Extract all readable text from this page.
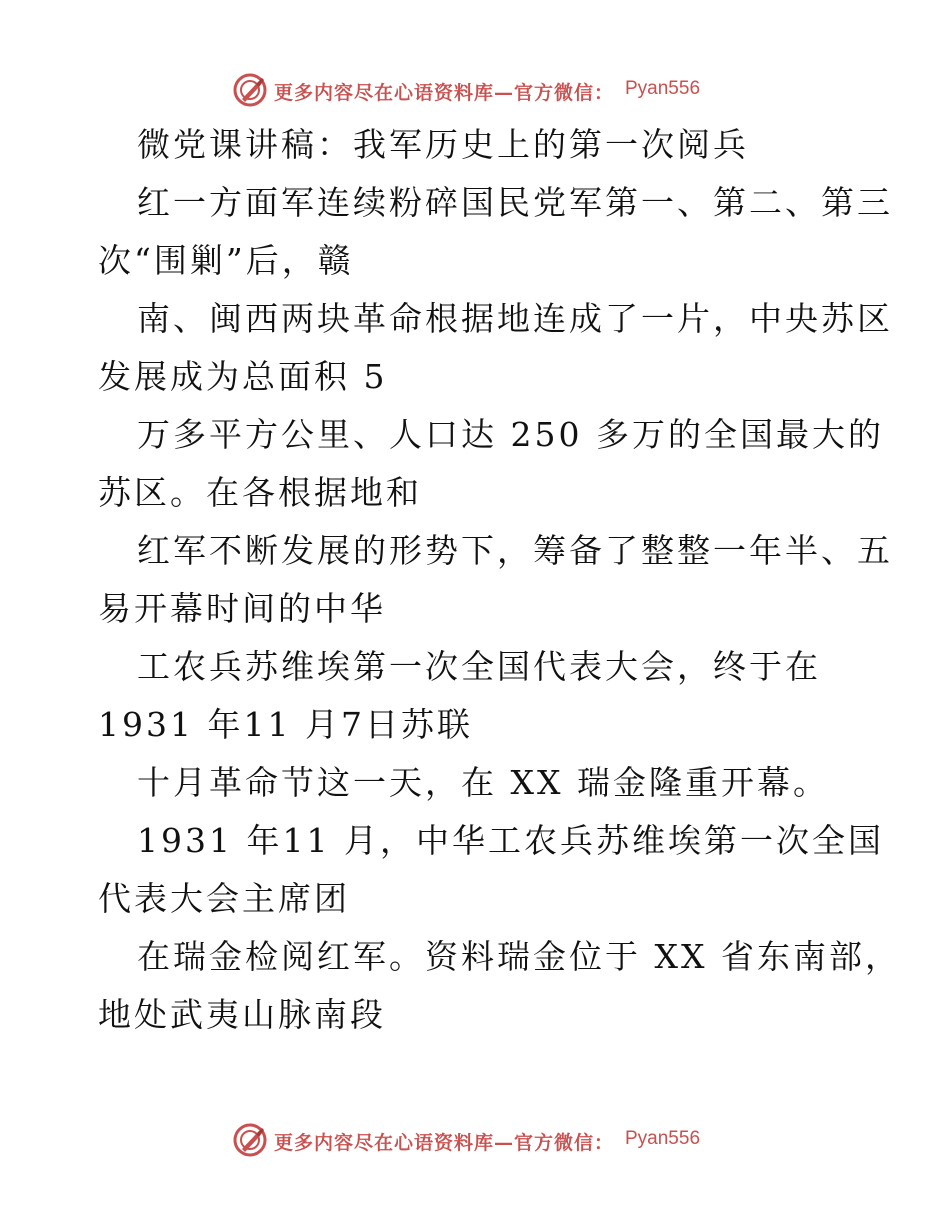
更多内容尽在心语资料库—官方微信： Pyan556
微党课讲稿：我军历史上的第一次阅兵
红一方面军连续粉碎国民党军第一、第二、第三
次“围剿”后，赣
南、闽西两块革命根据地连成了一片，中央苏区
发展成为总面积 5
万多平方公里、人口达 250 多万的全国最大的
苏区。在各根据地和
红军不断发展的形势下，筹备了整整一年半、五
易开幕时间的中华
工农兵苏维埃第一次全国代表大会，终于在
1931 年11 月7日苏联
十月革命节这一天，在 XX 瑞金隆重开幕。
1931 年11 月，中华工农兵苏维埃第一次全国
代表大会主席团
在瑞金检阅红军。资料瑞金位于 XX 省东南部，
地处武夷山脉南段
更多内容尽在心语资料库—官方微信： Pyan556
